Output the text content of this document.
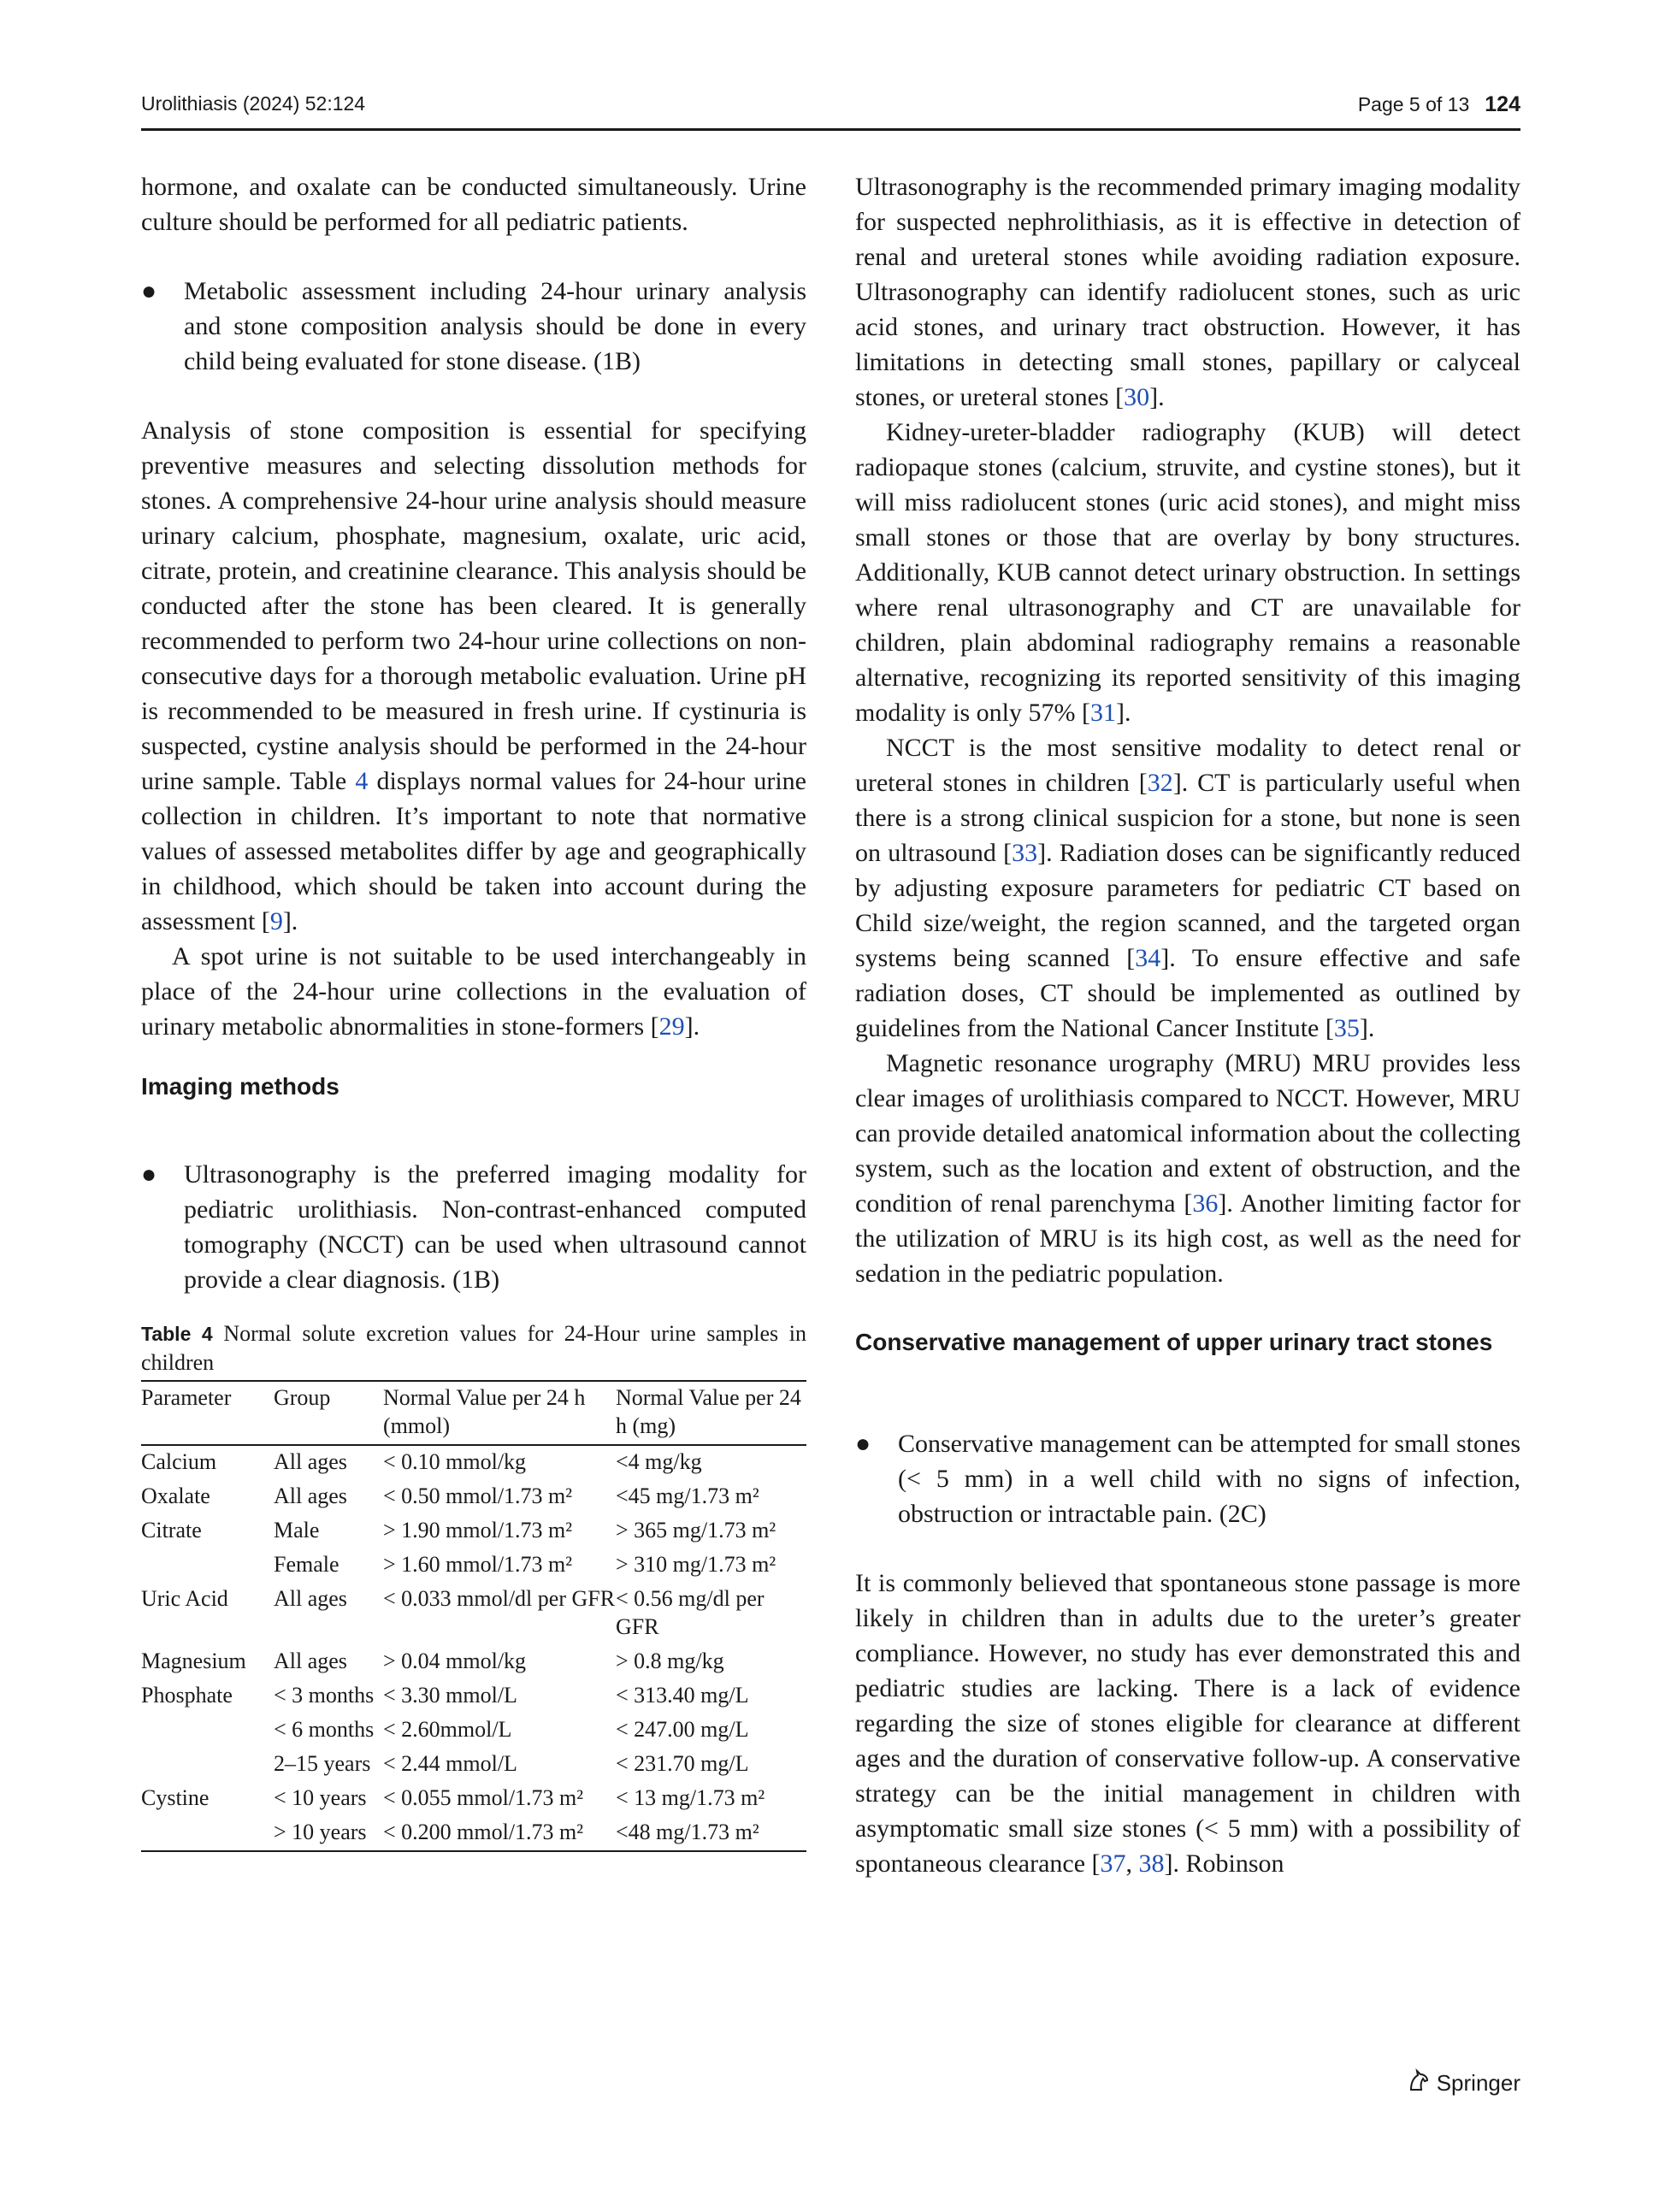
Urolithiasis (2024) 52:124	Page 5 of 13 124

hormone, and oxalate can be conducted simultaneously. Urine culture should be performed for all pediatric patients.

● Metabolic assessment including 24-hour urinary analysis and stone composition analysis should be done in every child being evaluated for stone disease. (1B)

Analysis of stone composition is essential for specifying preventive measures and selecting dissolution methods for stones. A comprehensive 24-hour urine analysis should measure urinary calcium, phosphate, magnesium, oxalate, uric acid, citrate, protein, and creatinine clearance. This analysis should be conducted after the stone has been cleared. It is generally recommended to perform two 24-hour urine collections on non-consecutive days for a thorough metabolic evaluation. Urine pH is recommended to be measured in fresh urine. If cystinuria is suspected, cystine analysis should be performed in the 24-hour urine sample. Table 4 displays normal values for 24-hour urine collection in children. It’s important to note that normative values of assessed metabolites differ by age and geographically in childhood, which should be taken into account during the assessment [9].

A spot urine is not suitable to be used interchangeably in place of the 24-hour urine collections in the evaluation of urinary metabolic abnormalities in stone-formers [29].

Imaging methods
● Ultrasonography is the preferred imaging modality for pediatric urolithiasis. Non-contrast-enhanced computed tomography (NCCT) can be used when ultrasound cannot provide a clear diagnosis. (1B)

Table 4 Normal solute excretion values for 24-Hour urine samples in children

Parameter	Group	Normal Value per 24 h (mmol)	Normal Value per 24 h (mg)
Calcium	All ages	< 0.10 mmol/kg	<4 mg/kg
Oxalate	All ages	< 0.50 mmol/1.73 m²	<45 mg/1.73 m²
Citrate	Male	> 1.90 mmol/1.73 m²	> 365 mg/1.73 m²
	Female	> 1.60 mmol/1.73 m²	> 310 mg/1.73 m²
Uric Acid	All ages	< 0.033 mmol/dl per GFR	< 0.56 mg/dl per GFR
Magnesium	All ages	> 0.04 mmol/kg	> 0.8 mg/kg
Phosphate	< 3 months	< 3.30 mmol/L	< 313.40 mg/L
	< 6 months	< 2.60mmol/L	< 247.00 mg/L
	2–15 years	< 2.44 mmol/L	< 231.70 mg/L
Cystine	< 10 years	< 0.055 mmol/1.73 m²	< 13 mg/1.73 m²
	> 10 years	< 0.200 mmol/1.73 m²	<48 mg/1.73 m²

Ultrasonography is the recommended primary imaging modality for suspected nephrolithiasis, as it is effective in detection of renal and ureteral stones while avoiding radiation exposure. Ultrasonography can identify radiolucent stones, such as uric acid stones, and urinary tract obstruction. However, it has limitations in detecting small stones, papillary or calyceal stones, or ureteral stones [30].

Kidney-ureter-bladder radiography (KUB) will detect radiopaque stones (calcium, struvite, and cystine stones), but it will miss radiolucent stones (uric acid stones), and might miss small stones or those that are overlay by bony structures. Additionally, KUB cannot detect urinary obstruction. In settings where renal ultrasonography and CT are unavailable for children, plain abdominal radiography remains a reasonable alternative, recognizing its reported sensitivity of this imaging modality is only 57% [31].

NCCT is the most sensitive modality to detect renal or ureteral stones in children [32]. CT is particularly useful when there is a strong clinical suspicion for a stone, but none is seen on ultrasound [33]. Radiation doses can be significantly reduced by adjusting exposure parameters for pediatric CT based on Child size/weight, the region scanned, and the targeted organ systems being scanned [34]. To ensure effective and safe radiation doses, CT should be implemented as outlined by guidelines from the National Cancer Institute [35].

Magnetic resonance urography (MRU) MRU provides less clear images of urolithiasis compared to NCCT. However, MRU can provide detailed anatomical information about the collecting system, such as the location and extent of obstruction, and the condition of renal parenchyma [36]. Another limiting factor for the utilization of MRU is its high cost, as well as the need for sedation in the pediatric population.

Conservative management of upper urinary tract stones
● Conservative management can be attempted for small stones (< 5 mm) in a well child with no signs of infection, obstruction or intractable pain. (2C)

It is commonly believed that spontaneous stone passage is more likely in children than in adults due to the ureter’s greater compliance. However, no study has ever demonstrated this and pediatric studies are lacking. There is a lack of evidence regarding the size of stones eligible for clearance at different ages and the duration of conservative follow-up. A conservative strategy can be the initial management in children with asymptomatic small size stones (< 5 mm) with a possibility of spontaneous clearance [37, 38]. Robinson

Springer
